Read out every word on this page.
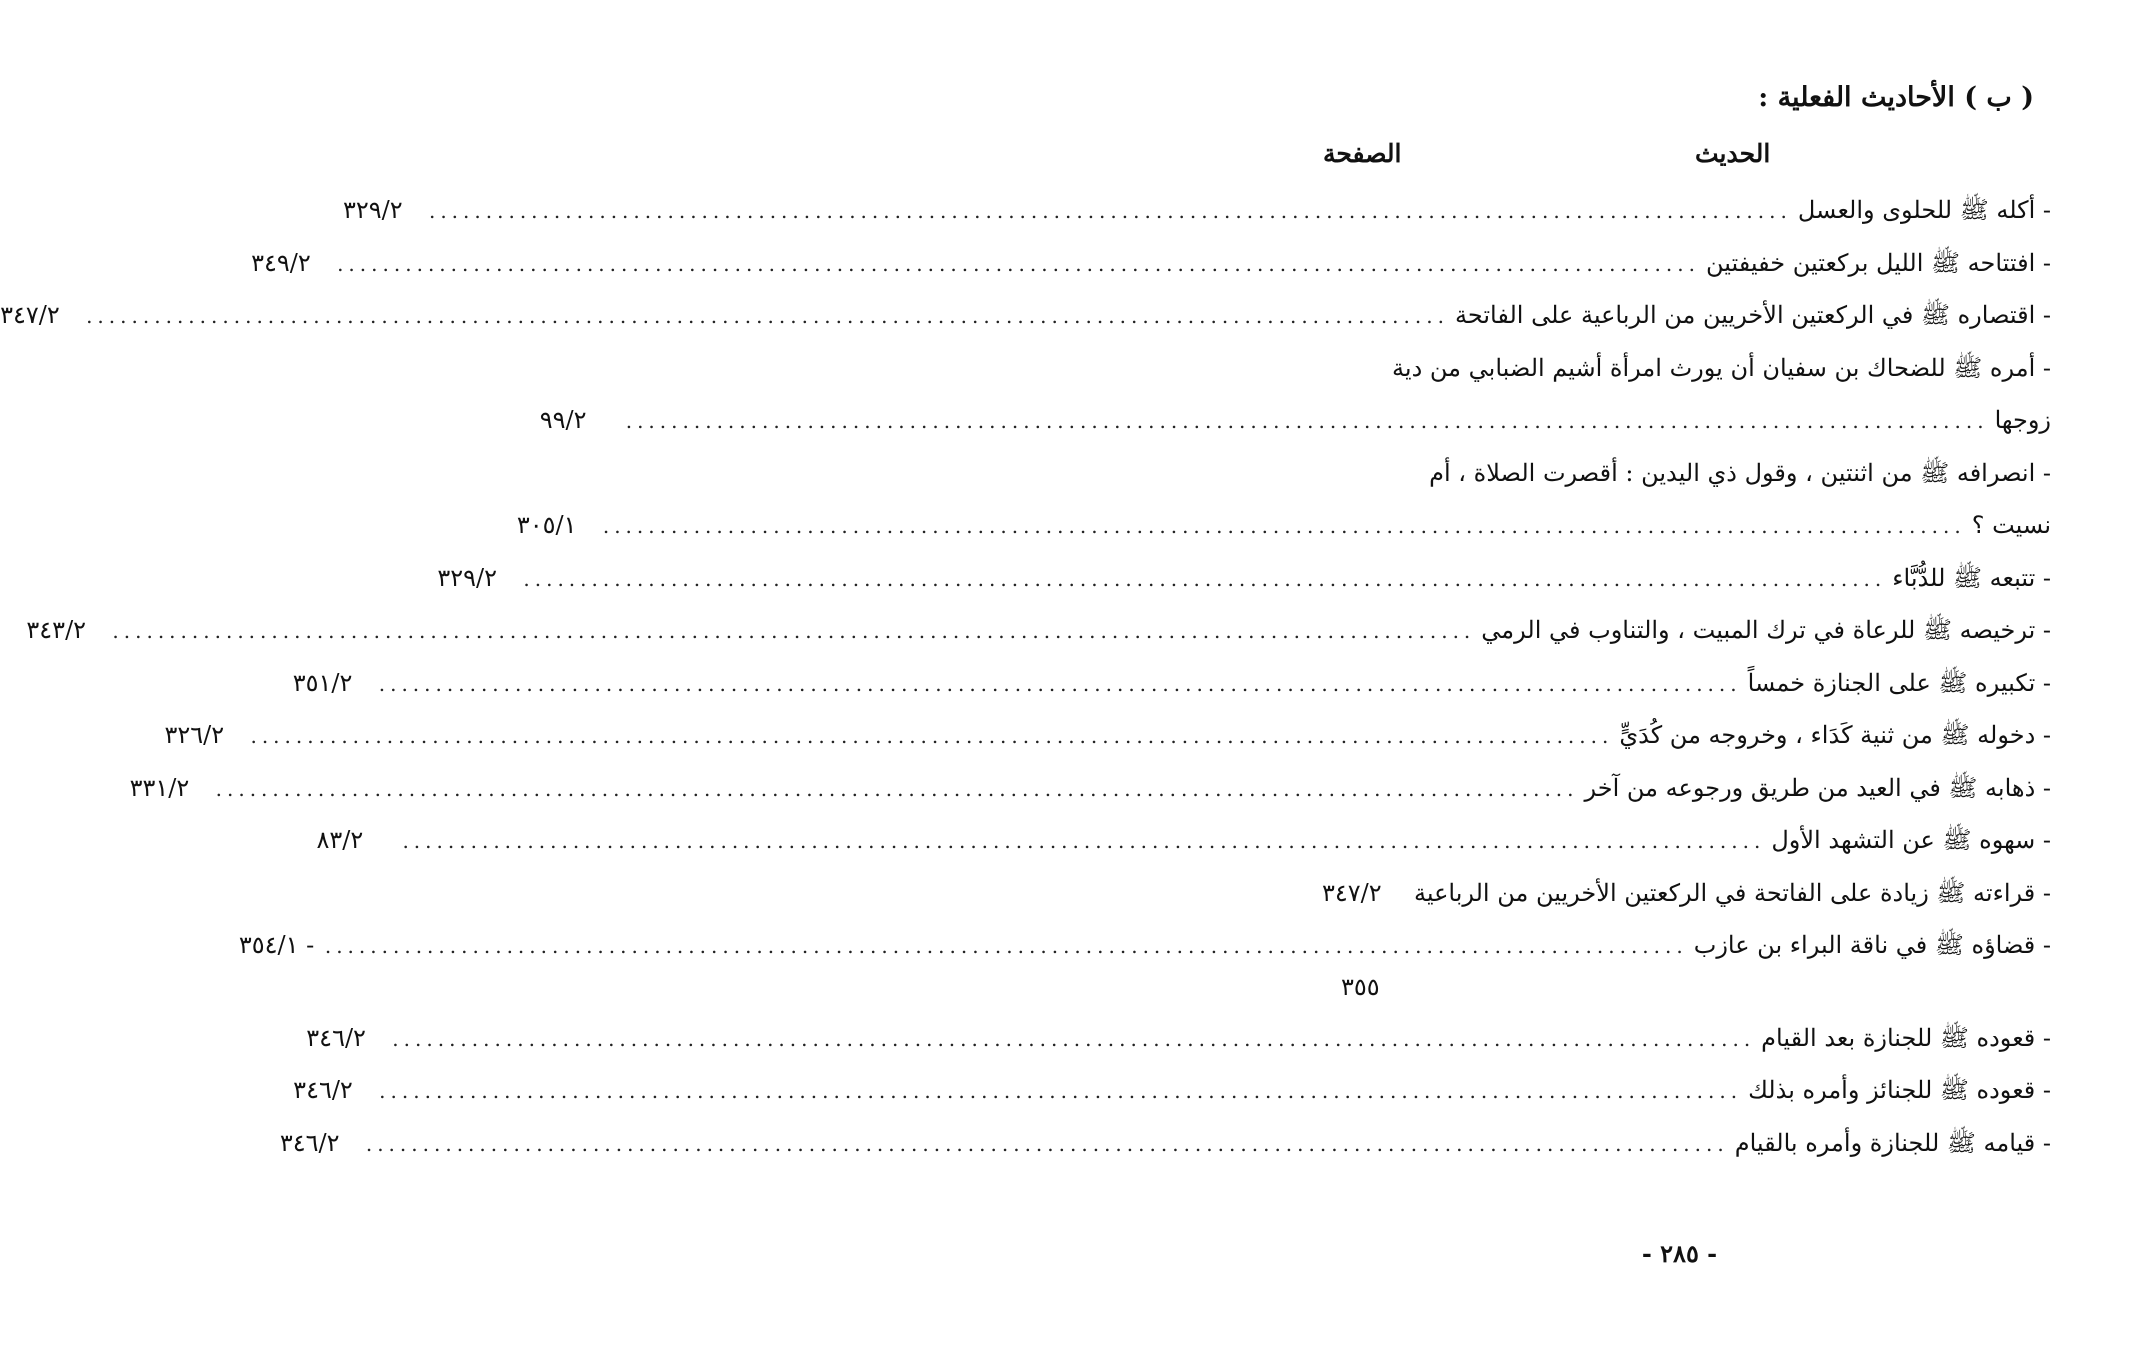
( ب ) الأحاديث الفعلية :
الصفحة	الحديث
- أكله ﷺ للحلوى والعسل
........................................................................................................................
٣٢٩/٢
- افتتاحه ﷺ الليل بركعتين خفيفتين
........................................................................................................................
٣٤٩/٢
- اقتصاره ﷺ في الركعتين الأخريين من الرباعية على الفاتحة
........................................................................................................................
٣٤٧/٢
- أمره ﷺ للضحاك بن سفيان أن يورث امرأة أشيم الضبابي من دية
زوجها
........................................................................................................................
٩٩/٢
- انصرافه ﷺ من اثنتين ، وقول ذي اليدين : أقصرت الصلاة ، أم
نسيت ؟
........................................................................................................................
٣٠٥/١
- تتبعه ﷺ للدُّبَّاء
........................................................................................................................
٣٢٩/٢
- ترخيصه ﷺ للرعاة في ترك المبيت ، والتناوب في الرمي
........................................................................................................................
٣٤٣/٢
- تكبيره ﷺ على الجنازة خمساً
........................................................................................................................
٣٥١/٢
- دخوله ﷺ من ثنية كَدَاء ، وخروجه من كُدَيٍّ
........................................................................................................................
٣٢٦/٢
- ذهابه ﷺ في العيد من طريق ورجوعه من آخر
........................................................................................................................
٣٣١/٢
- سهوه ﷺ عن التشهد الأول
........................................................................................................................
٨٣/٢
- قراءته ﷺ زيادة على الفاتحة في الركعتين الأخريين من الرباعية
٣٤٧/٢
- قضاؤه ﷺ في ناقة البراء بن عازب
........................................................................................................................
٣٥٤/١ -
٣٥٥
- قعوده ﷺ للجنازة بعد القيام
........................................................................................................................
٣٤٦/٢
- قعوده ﷺ للجنائز وأمره بذلك
........................................................................................................................
٣٤٦/٢
- قيامه ﷺ للجنازة وأمره بالقيام
........................................................................................................................
٣٤٦/٢
- ٢٨٥ -
